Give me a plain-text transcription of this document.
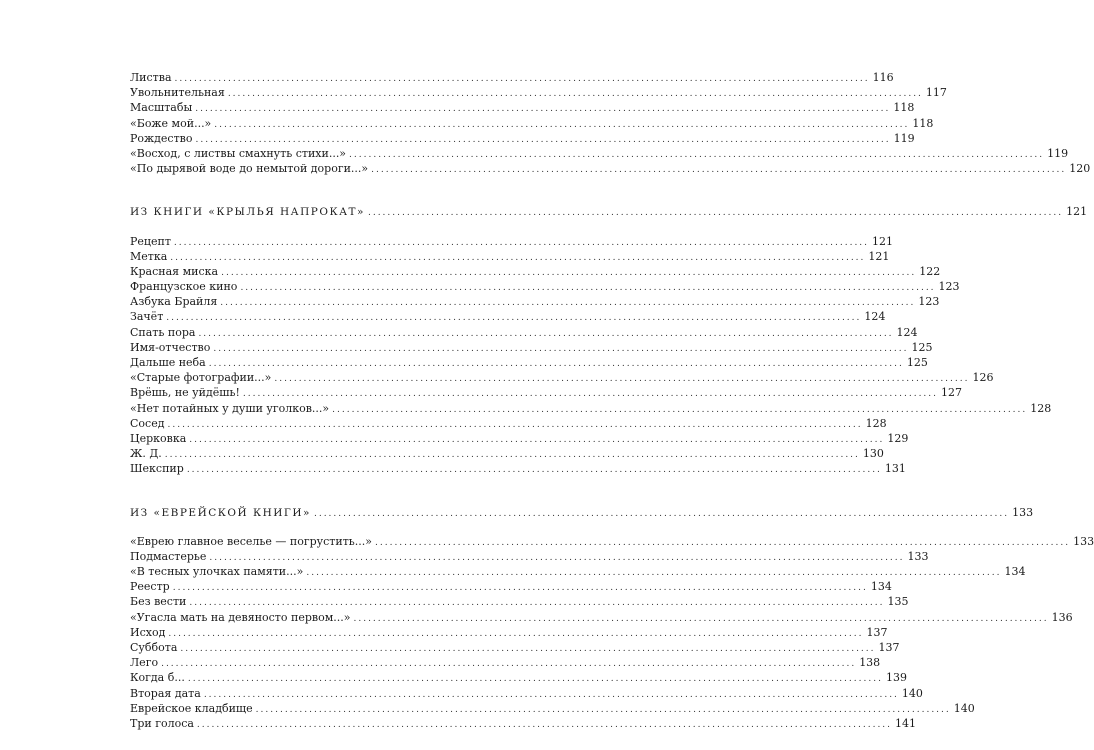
Листва .....	116
Увольнительная .....	117
Масштабы .....	118
«Боже мой...» .....	118
Рождество .....	119
«Восход, с листвы смахнуть стихи...» .....	119
«По дырявой воде до немытой дороги...» .....	120
ИЗ КНИГИ «КРЫЛЬЯ НАПРОКАТ» .....	121
Рецепт .....	121
Метка .....	121
Красная миска .....	122
Французское кино .....	123
Азбука Брайля .....	123
Зачёт .....	124
Спать пора .....	124
Имя-отчество .....	125
Дальше неба .....	125
«Старые фотографии...» .....	126
Врёшь, не уйдёшь! .....	127
«Нет потайных у души уголков...» .....	128
Сосед .....	128
Церковка .....	129
Ж. Д. .....	130
Шекспир .....	131
ИЗ «ЕВРЕЙСКОЙ КНИГИ» .....	133
«Еврею главное веселье — погрустить...» .....	133
Подмастерье .....	133
«В тесных улочках памяти...» .....	134
Реестр .....	134
Без вести .....	135
«Угасла мать на девяносто первом...» .....	136
Исход .....	137
Суббота .....	137
Лего .....	138
Когда б... .....	139
Вторая дата .....	140
Еврейское кладбище .....	140
Три голоса .....	141
